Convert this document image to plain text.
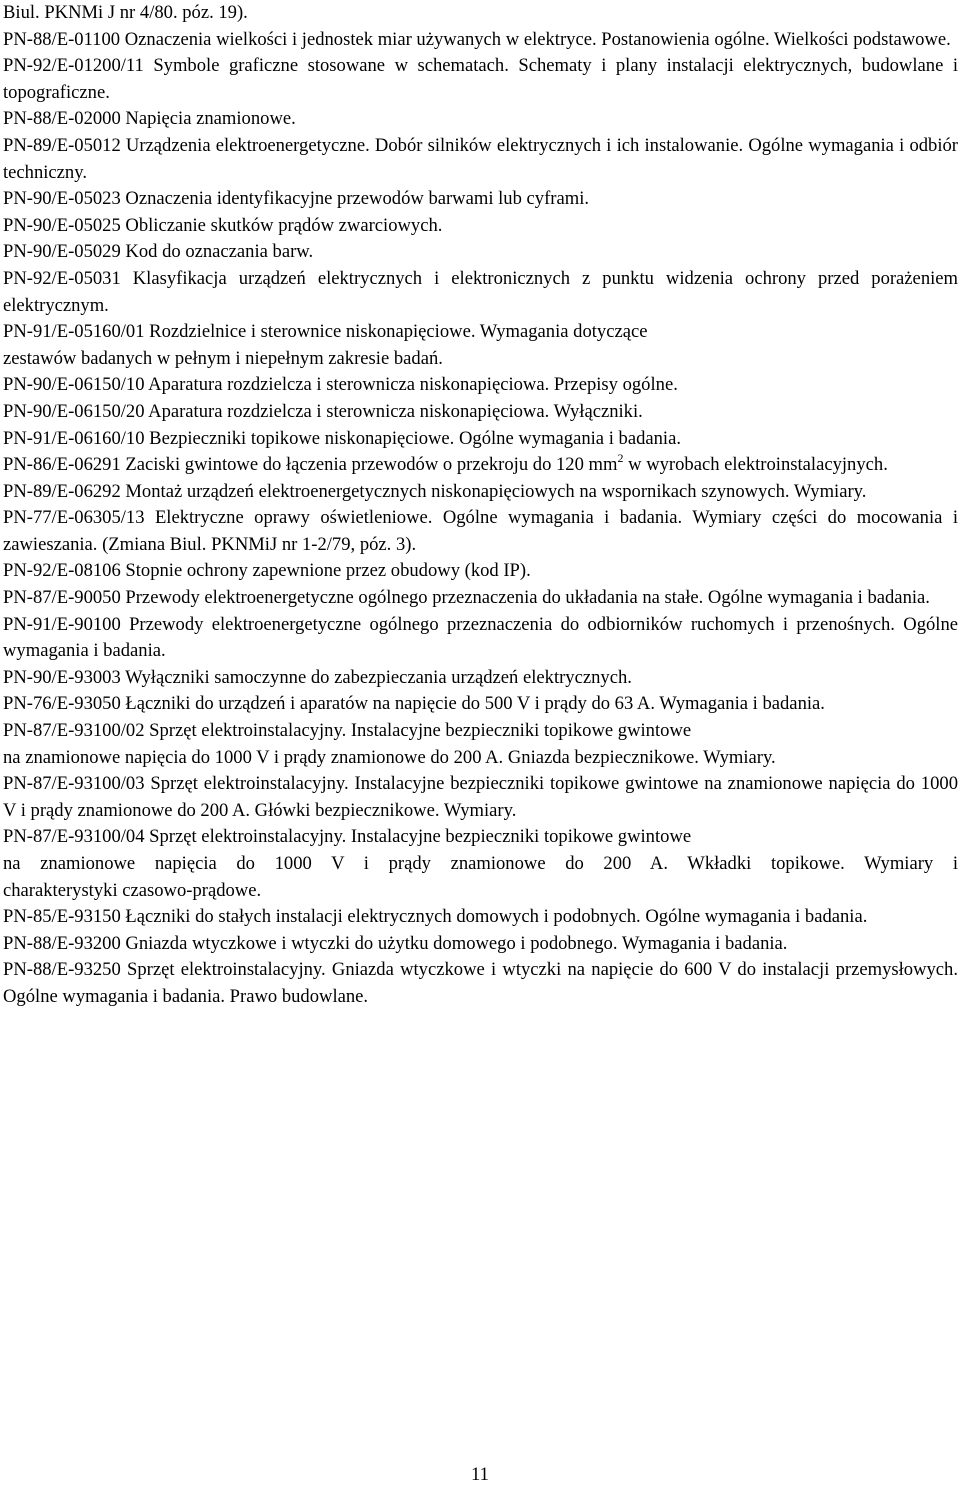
Biul. PKNMi J nr 4/80. póz. 19).

PN-88/E-01100 Oznaczenia wielkości i jednostek miar używanych w elektryce. Postanowienia ogólne. Wielkości podstawowe.

PN-92/E-01200/11 Symbole graficzne stosowane w schematach. Schematy i plany instalacji elektrycznych, budowlane i topograficzne.

PN-88/E-02000 Napięcia znamionowe.

PN-89/E-05012 Urządzenia elektroenergetyczne. Dobór silników elektrycznych i ich instalowanie. Ogólne wymagania i odbiór techniczny.

PN-90/E-05023 Oznaczenia identyfikacyjne przewodów barwami lub cyframi.

PN-90/E-05025 Obliczanie skutków prądów zwarciowych.

PN-90/E-05029 Kod do oznaczania barw.

PN-92/E-05031 Klasyfikacja urządzeń elektrycznych i elektronicznych z punktu widzenia ochrony przed porażeniem elektrycznym.

PN-91/E-05160/01 Rozdzielnice i sterownice niskonapięciowe. Wymagania dotyczące
zestawów badanych w pełnym i niepełnym zakresie badań.

PN-90/E-06150/10 Aparatura rozdzielcza i sterownicza niskonapięciowa. Przepisy ogólne.

PN-90/E-06150/20 Aparatura rozdzielcza i sterownicza niskonapięciowa. Wyłączniki.

PN-91/E-06160/10 Bezpieczniki topikowe niskonapięciowe. Ogólne wymagania i badania.

PN-86/E-06291 Zaciski gwintowe do łączenia przewodów o przekroju do 120 $mm^2$ w wyrobach elektroinstalacyjnych.

PN-89/E-06292 Montaż urządzeń elektroenergetycznych niskonapięciowych na wspornikach szynowych. Wymiary.

PN-77/E-06305/13 Elektryczne oprawy oświetleniowe. Ogólne wymagania i badania. Wymiary części do mocowania i zawieszania. (Zmiana Biul. PKNMiJ nr 1-2/79, póz. 3).

PN-92/E-08106 Stopnie ochrony zapewnione przez obudowy (kod IP).

PN-87/E-90050 Przewody elektroenergetyczne ogólnego przeznaczenia do układania na stałe. Ogólne wymagania i badania.

PN-91/E-90100 Przewody elektroenergetyczne ogólnego przeznaczenia do odbiorników ruchomych i przenośnych. Ogólne wymagania i badania.

PN-90/E-93003 Wyłączniki samoczynne do zabezpieczania urządzeń elektrycznych.

PN-76/E-93050 Łączniki do urządzeń i aparatów na napięcie do 500 V i prądy do 63 A. Wymagania i badania.

PN-87/E-93100/02 Sprzęt elektroinstalacyjny. Instalacyjne bezpieczniki topikowe gwintowe
na znamionowe napięcia do 1000 V i prądy znamionowe do 200 A. Gniazda bezpiecznikowe. Wymiary.

PN-87/E-93100/03 Sprzęt elektroinstalacyjny. Instalacyjne bezpieczniki topikowe gwintowe na znamionowe napięcia do 1000 V i prądy znamionowe do 200 A. Główki bezpiecznikowe. Wymiary.

PN-87/E-93100/04 Sprzęt elektroinstalacyjny. Instalacyjne bezpieczniki topikowe gwintowe
na znamionowe napięcia do 1000 V i prądy znamionowe do 200 A. Wkładki topikowe. Wymiary i
charakterystyki czasowo-prądowe.

PN-85/E-93150 Łączniki do stałych instalacji elektrycznych domowych i podobnych. Ogólne wymagania i badania.

PN-88/E-93200 Gniazda wtyczkowe i wtyczki do użytku domowego i podobnego. Wymagania i badania.

PN-88/E-93250 Sprzęt elektroinstalacyjny. Gniazda wtyczkowe i wtyczki na napięcie do 600 V do instalacji przemysłowych. Ogólne wymagania i badania. Prawo budowlane.

11
